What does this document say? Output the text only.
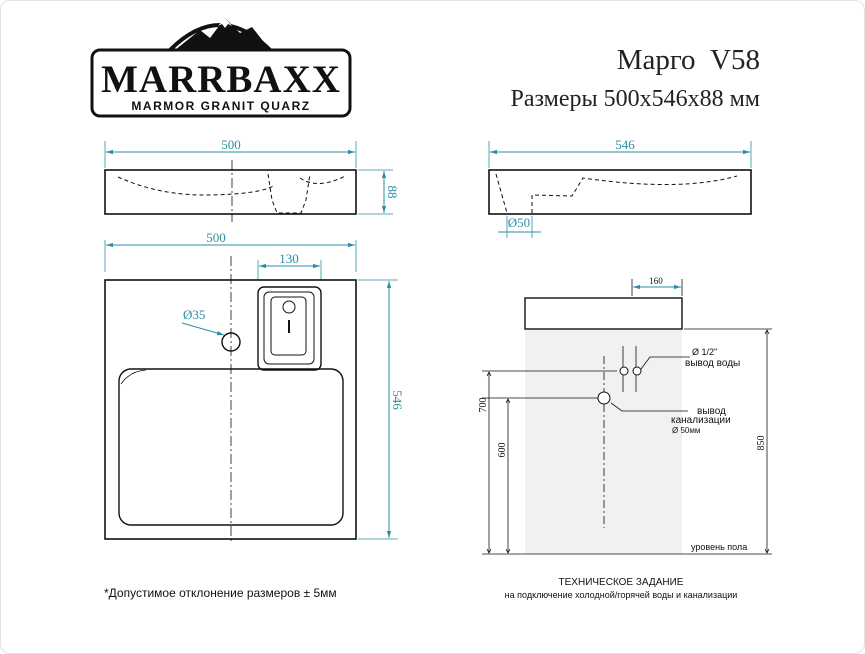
MARRBAXX
MARMOR GRANIT QUARZ
Марго  V58
Размеры 500х546х88 мм
500
88
546
Ø50
500
130
Ø35
546
160
Ø 1/2"
вывод воды
вывод
канализации
Ø 50мм
700
600	850
уровень пола
ТЕХНИЧЕСКОЕ ЗАДАНИЕ
на подключение холодной/горячей воды и канализации
*Допустимое отклонение размеров ± 5мм
